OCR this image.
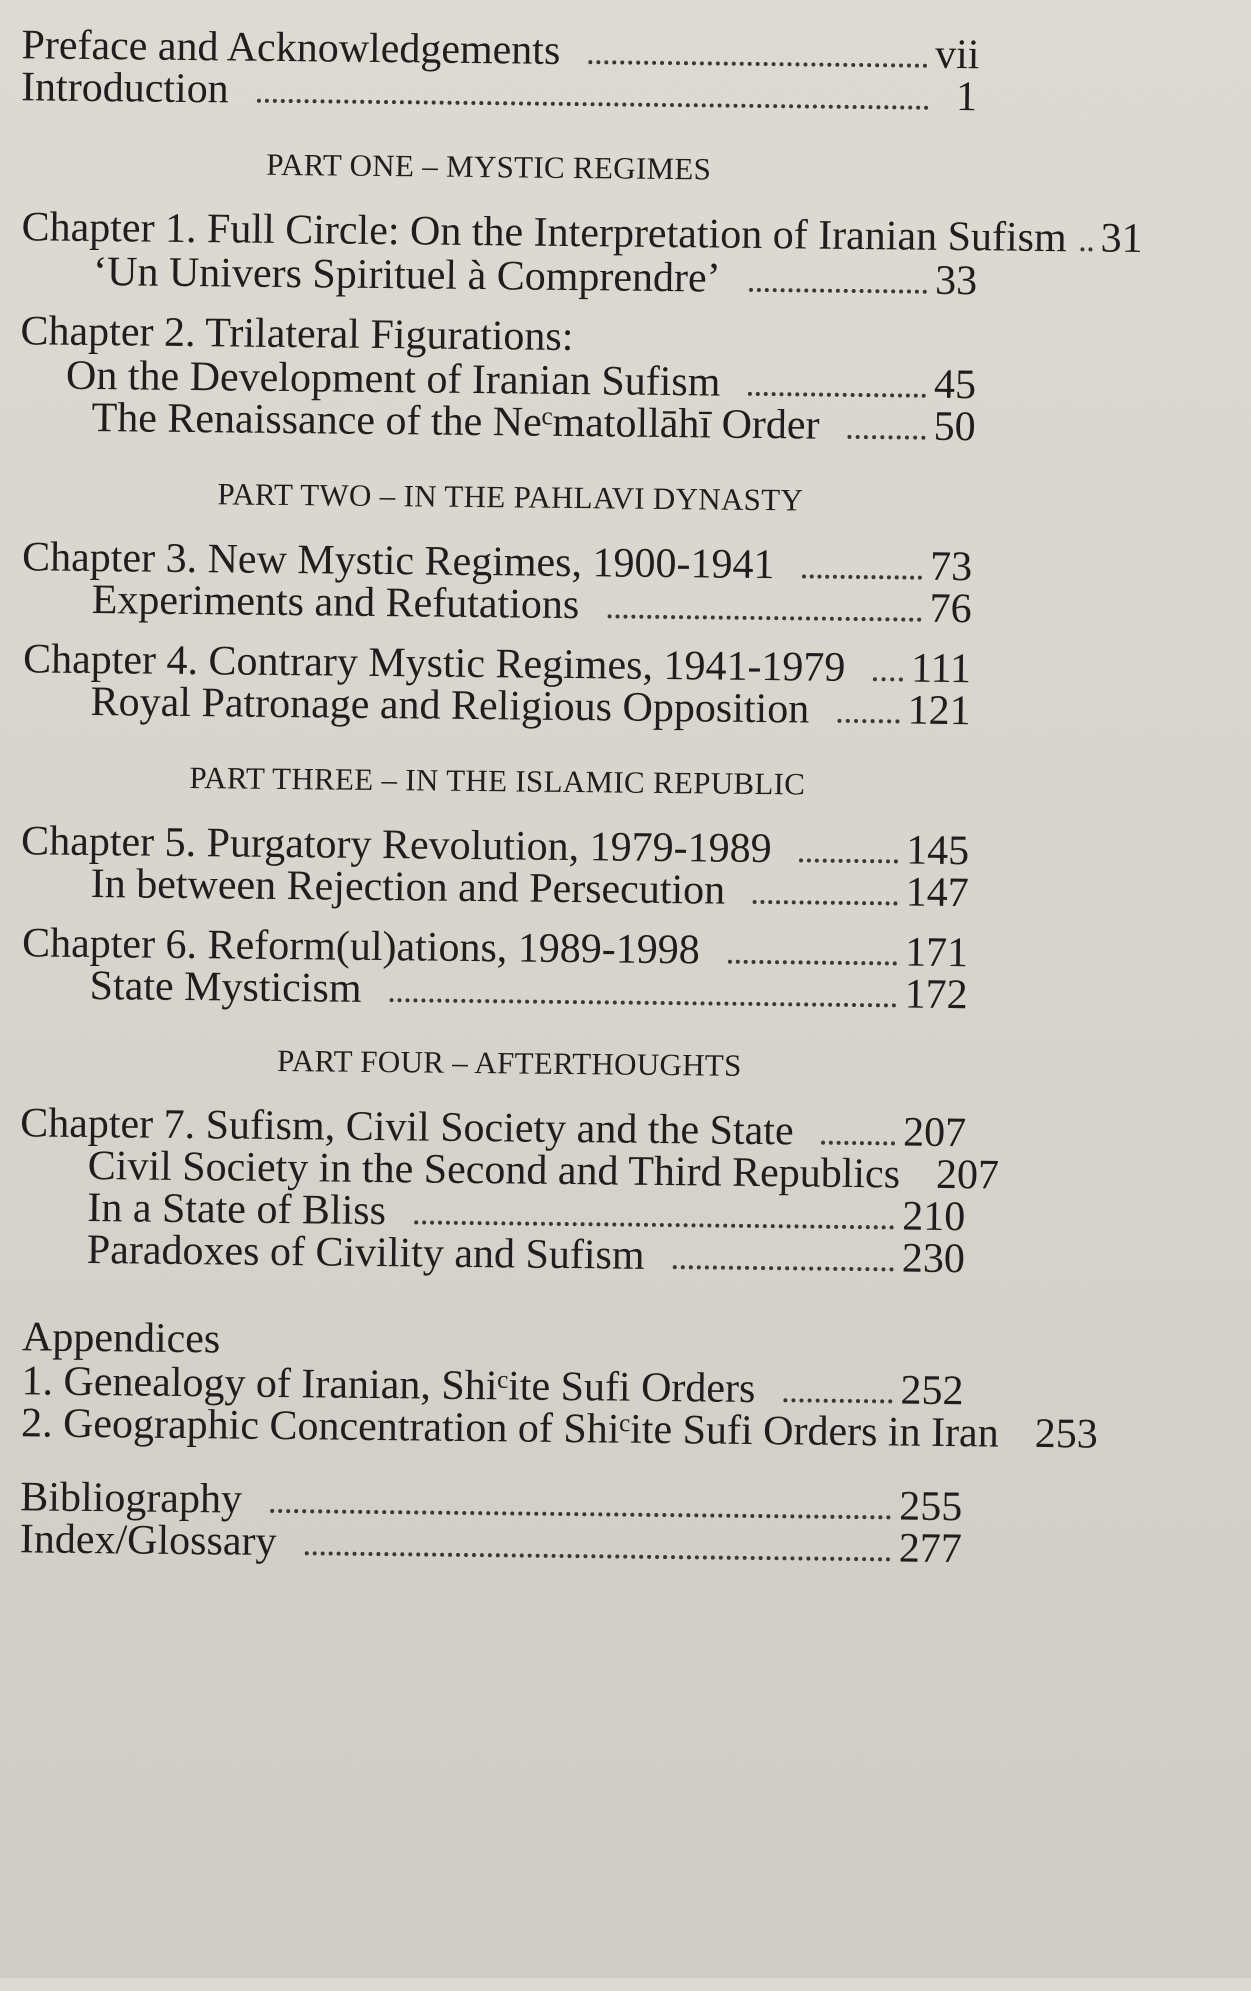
Preface and Acknowledgements	vii
Introduction	1
PART ONE – MYSTIC REGIMES
Chapter 1. Full Circle: On the Interpretation of Iranian Sufism 31
‘Un Univers Spirituel à Comprendre’	33
Chapter 2. Trilateral Figurations:
On the Development of Iranian Sufism	45
The Renaissance of the Neᶜmatollāhī Order	50
PART TWO – IN THE PAHLAVI DYNASTY
Chapter 3. New Mystic Regimes, 1900-1941	73
Experiments and Refutations	76
Chapter 4. Contrary Mystic Regimes, 1941-1979 111
Royal Patronage and Religious Opposition 121
PART THREE – IN THE ISLAMIC REPUBLIC
Chapter 5. Purgatory Revolution, 1979-1989	145
In between Rejection and Persecution	147
Chapter 6. Reform(ul)ations, 1989-1998	171
State Mysticism	172
PART FOUR – AFTERTHOUGHTS
Chapter 7. Sufism, Civil Society and the State	207
Civil Society in the Second and Third Republics 207
In a State of Bliss	210
Paradoxes of Civility and Sufism	230
Appendices
1. Genealogy of Iranian, Shiᶜite Sufi Orders	252
2. Geographic Concentration of Shiᶜite Sufi Orders in Iran 253
Bibliography	255
Index/Glossary	277
